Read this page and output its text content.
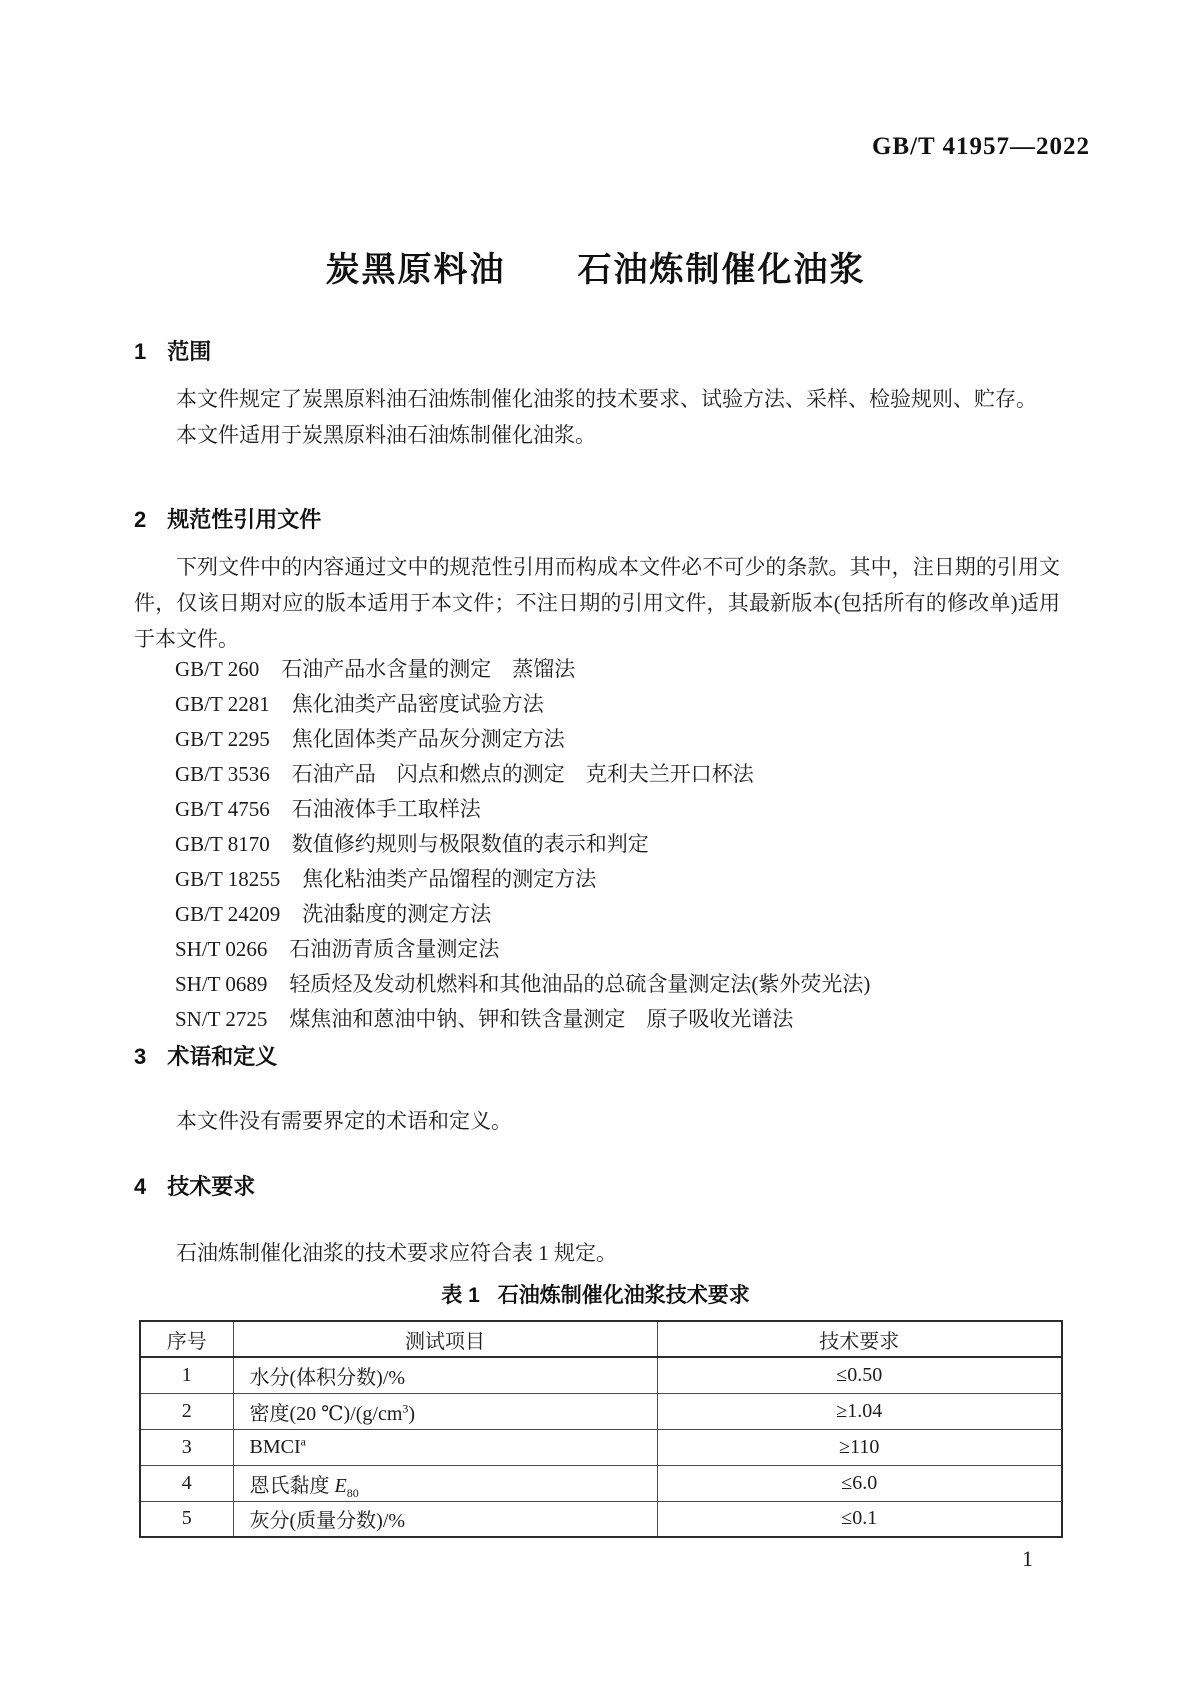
GB/T 41957—2022
炭黑原料油　　石油炼制催化油浆
1 范围

本文件规定了炭黑原料油石油炼制催化油浆的技术要求、试验方法、采样、检验规则、贮存。

本文件适用于炭黑原料油石油炼制催化油浆。

2 规范性引用文件

下列文件中的内容通过文中的规范性引用而构成本文件必不可少的条款。其中，注日期的引用文件，仅该日期对应的版本适用于本文件；不注日期的引用文件，其最新版本(包括所有的修改单)适用于本文件。

GB/T 260 石油产品水含量的测定　蒸馏法
GB/T 2281 焦化油类产品密度试验方法
GB/T 2295 焦化固体类产品灰分测定方法
GB/T 3536 石油产品　闪点和燃点的测定　克利夫兰开口杯法
GB/T 4756 石油液体手工取样法
GB/T 8170 数值修约规则与极限数值的表示和判定
GB/T 18255 焦化粘油类产品馏程的测定方法
GB/T 24209 洗油黏度的测定方法
SH/T 0266 石油沥青质含量测定法
SH/T 0689 轻质烃及发动机燃料和其他油品的总硫含量测定法(紫外荧光法)
SN/T 2725 煤焦油和蒽油中钠、钾和铁含量测定　原子吸收光谱法
3 术语和定义

本文件没有需要界定的术语和定义。

4 技术要求

石油炼制催化油浆的技术要求应符合表 1 规定。

表 1 石油炼制催化油浆技术要求
序号	测试项目	技术要求
1	水分(体积分数)/%	≤0.50
2	密度(20 $℃)/(g/cm^3)$	≥1.04
3	$BMCI^a$	≥110
4	恩氏黏度 $E_{80}$	≤6.0
5	灰分(质量分数)/%	≤0.1
1
